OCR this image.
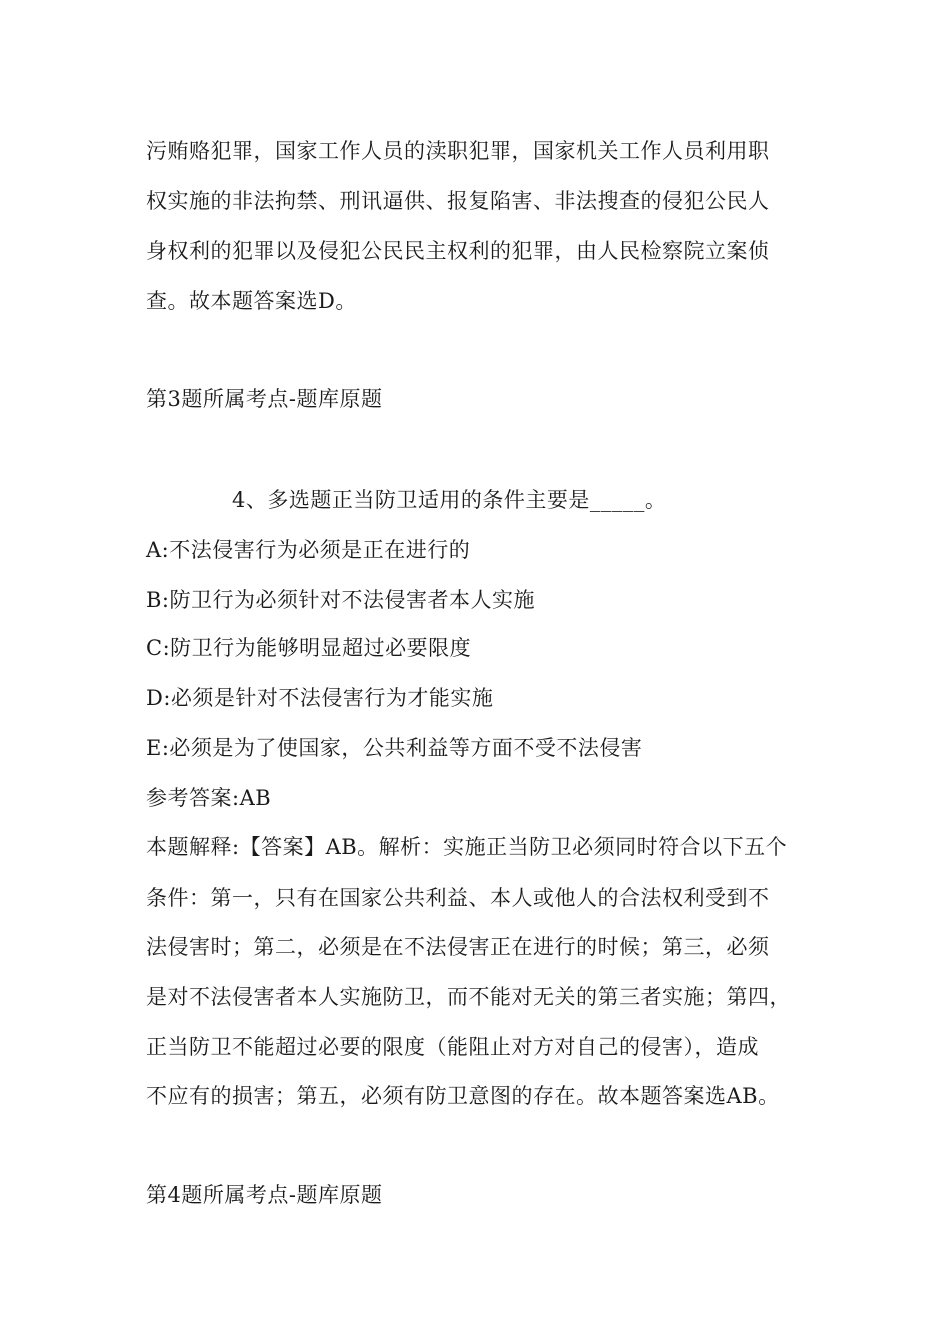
污贿赂犯罪，国家工作人员的渎职犯罪，国家机关工作人员利用职
权实施的非法拘禁、刑讯逼供、报复陷害、非法搜查的侵犯公民人
身权利的犯罪以及侵犯公民民主权利的犯罪，由人民检察院立案侦
查。故本题答案选D。
第3题所属考点-题库原题
4、多选题正当防卫适用的条件主要是_____。
A:不法侵害行为必须是正在进行的
B:防卫行为必须针对不法侵害者本人实施
C:防卫行为能够明显超过必要限度
D:必须是针对不法侵害行为才能实施
E:必须是为了使国家，公共利益等方面不受不法侵害
参考答案:AB
本题解释:【答案】AB。解析：实施正当防卫必须同时符合以下五个
条件：第一，只有在国家公共利益、本人或他人的合法权利受到不
法侵害时；第二，必须是在不法侵害正在进行的时候；第三，必须
是对不法侵害者本人实施防卫，而不能对无关的第三者实施；第四，
正当防卫不能超过必要的限度（能阻止对方对自己的侵害），造成
不应有的损害；第五，必须有防卫意图的存在。故本题答案选AB。
第4题所属考点-题库原题
